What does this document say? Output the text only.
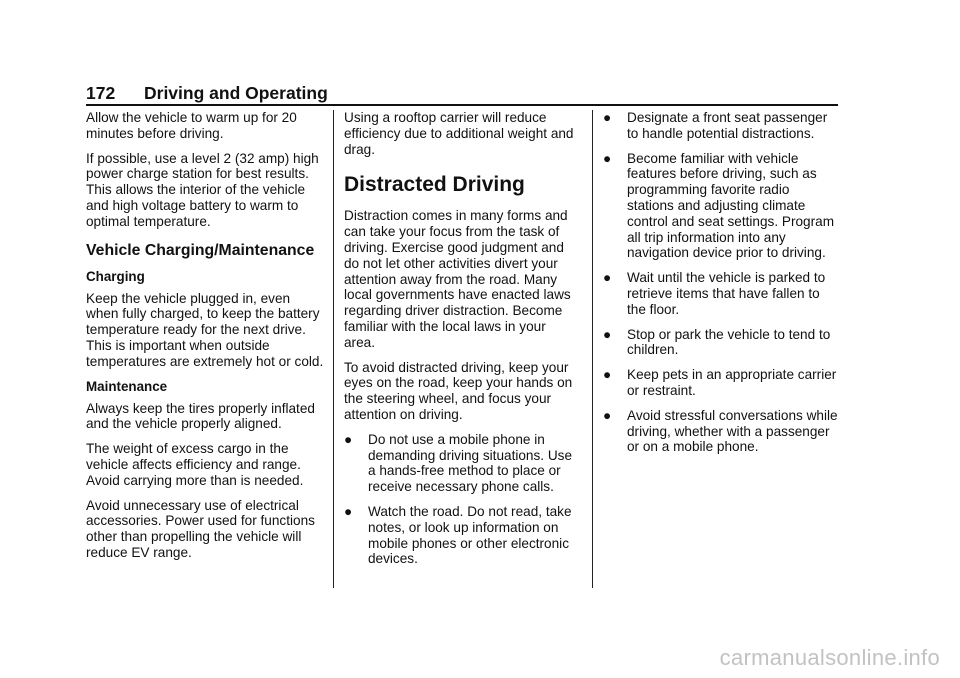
172 Driving and Operating

Allow the vehicle to warm up for 20 minutes before driving.

If possible, use a level 2 (32 amp) high power charge station for best results. This allows the interior of the vehicle and high voltage battery to warm to optimal temperature.

Vehicle Charging/Maintenance
Charging

Keep the vehicle plugged in, even when fully charged, to keep the battery temperature ready for the next drive. This is important when outside temperatures are extremely hot or cold.

Maintenance

Always keep the tires properly inflated and the vehicle properly aligned.

The weight of excess cargo in the vehicle affects efficiency and range. Avoid carrying more than is needed.

Avoid unnecessary use of electrical accessories. Power used for functions other than propelling the vehicle will reduce EV range.

Using a rooftop carrier will reduce efficiency due to additional weight and drag.

Distracted Driving

Distraction comes in many forms and can take your focus from the task of driving. Exercise good judgment and do not let other activities divert your attention away from the road. Many local governments have enacted laws regarding driver distraction. Become familiar with the local laws in your area.

To avoid distracted driving, keep your eyes on the road, keep your hands on the steering wheel, and focus your attention on driving.

● Do not use a mobile phone in demanding driving situations. Use a hands-free method to place or receive necessary phone calls.
● Watch the road. Do not read, take notes, or look up information on mobile phones or other electronic devices.
● Designate a front seat passenger to handle potential distractions.
● Become familiar with vehicle features before driving, such as programming favorite radio stations and adjusting climate control and seat settings. Program all trip information into any navigation device prior to driving.
● Wait until the vehicle is parked to retrieve items that have fallen to the floor.
● Stop or park the vehicle to tend to children.
● Keep pets in an appropriate carrier or restraint.
● Avoid stressful conversations while driving, whether with a passenger or on a mobile phone.
carmanualsonline.info
